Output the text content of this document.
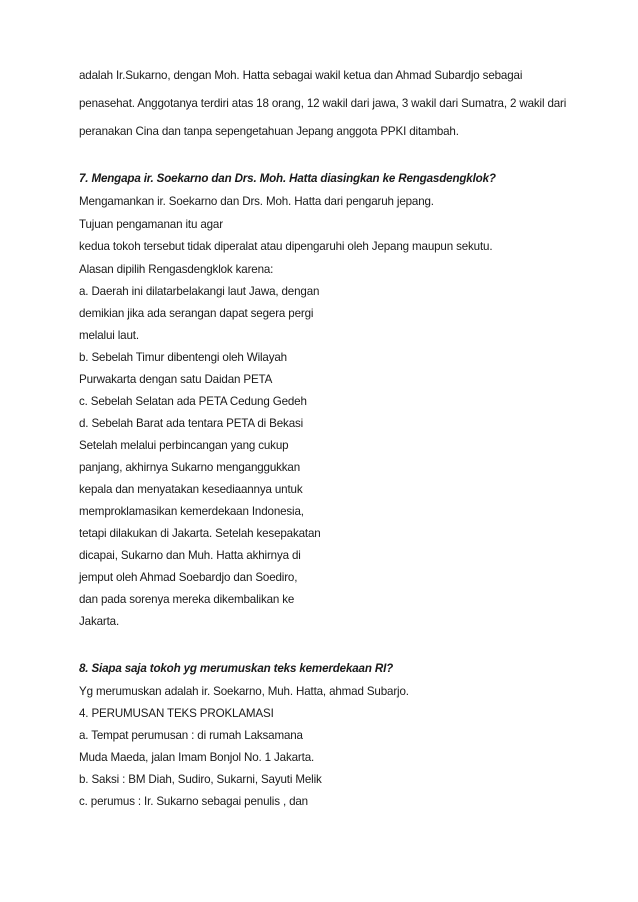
adalah Ir.Sukarno, dengan Moh. Hatta sebagai wakil ketua dan Ahmad Subardjo sebagai
penasehat. Anggotanya terdiri atas 18 orang, 12 wakil dari jawa, 3 wakil dari Sumatra, 2 wakil dari
peranakan Cina dan tanpa sepengetahuan Jepang anggota PPKI ditambah.
7. Mengapa ir. Soekarno dan Drs. Moh. Hatta diasingkan ke Rengasdengklok?
Mengamankan ir. Soekarno dan Drs. Moh. Hatta dari pengaruh jepang.
Tujuan pengamanan itu agar
kedua tokoh tersebut tidak diperalat atau dipengaruhi oleh Jepang maupun sekutu.
Alasan dipilih Rengasdengklok karena:
a. Daerah ini dilatarbelakangi laut Jawa, dengan
demikian jika ada serangan dapat segera pergi
melalui laut.
b. Sebelah Timur dibentengi oleh Wilayah
Purwakarta dengan satu Daidan PETA
c. Sebelah Selatan ada PETA Cedung Gedeh
d. Sebelah Barat ada tentara PETA di Bekasi
Setelah melalui perbincangan yang cukup
panjang, akhirnya Sukarno menganggukkan
kepala dan menyatakan kesediaannya untuk
memproklamasikan kemerdekaan Indonesia,
tetapi dilakukan di Jakarta. Setelah kesepakatan
dicapai, Sukarno dan Muh. Hatta akhirnya di
jemput oleh Ahmad Soebardjo dan Soediro,
dan pada sorenya mereka dikembalikan ke
Jakarta.
8. Siapa saja tokoh yg merumuskan teks kemerdekaan RI?
Yg merumuskan adalah ir. Soekarno, Muh. Hatta, ahmad Subarjo.
4. PERUMUSAN TEKS PROKLAMASI
a. Tempat perumusan : di rumah Laksamana
Muda Maeda, jalan Imam Bonjol No. 1 Jakarta.
b. Saksi : BM Diah, Sudiro, Sukarni, Sayuti Melik
c. perumus : Ir. Sukarno sebagai penulis , dan
